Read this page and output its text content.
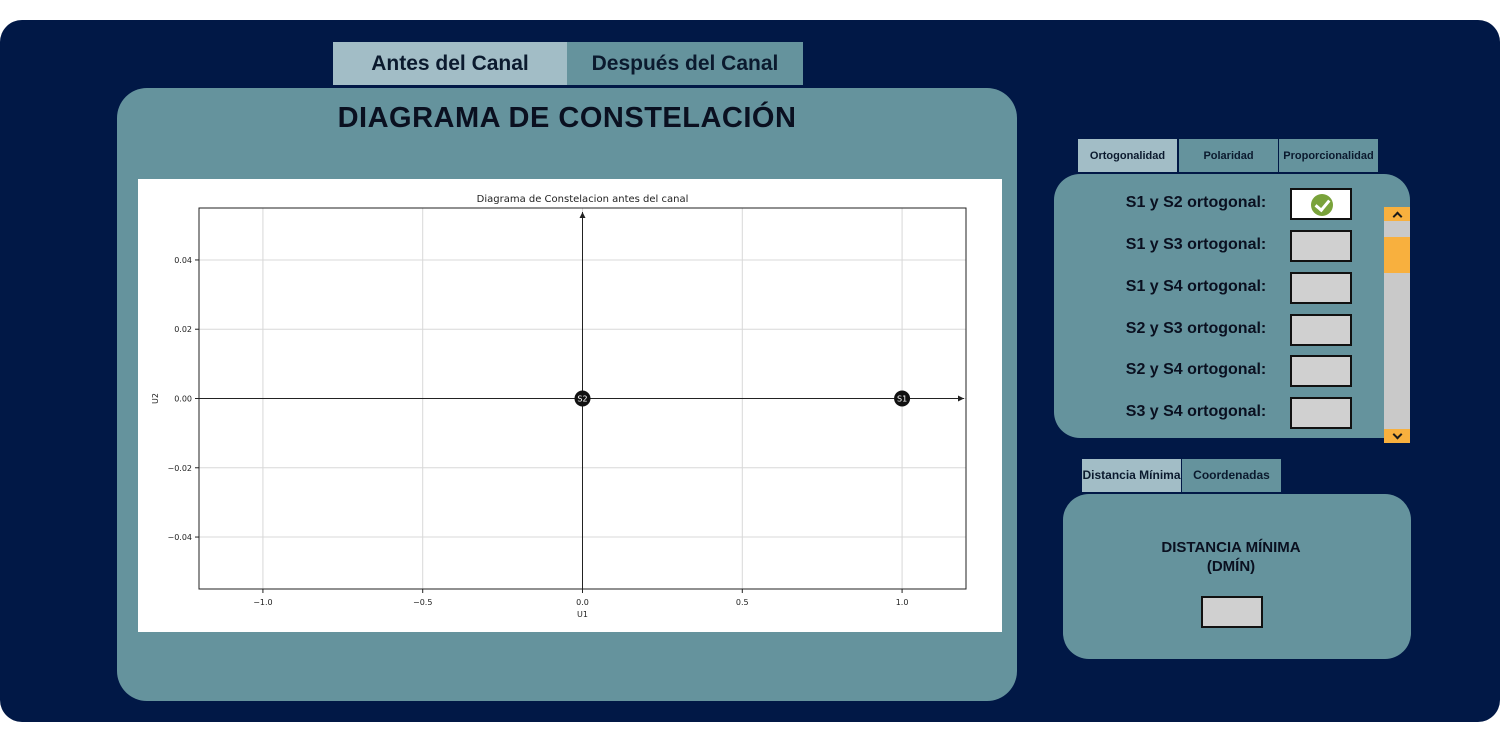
Antes del Canal	Después del Canal
DIAGRAMA DE CONSTELACIÓN
−1.0	−0.5	0.0	0.5	1.0
0.04
0.02
0.00
−0.02
−0.04
Diagrama de Constelacion antes del canal
U1
U2	S2	S1
Ortogonalidad	Polaridad	Proporcionalidad
S1 y S2 ortogonal:
S1 y S3 ortogonal:
S1 y S4 ortogonal:
S2 y S3 ortogonal:
S2 y S4 ortogonal:
S3 y S4 ortogonal:
Distancia Mínima	Coordenadas
DISTANCIA MÍNIMA
(DMÍN)
